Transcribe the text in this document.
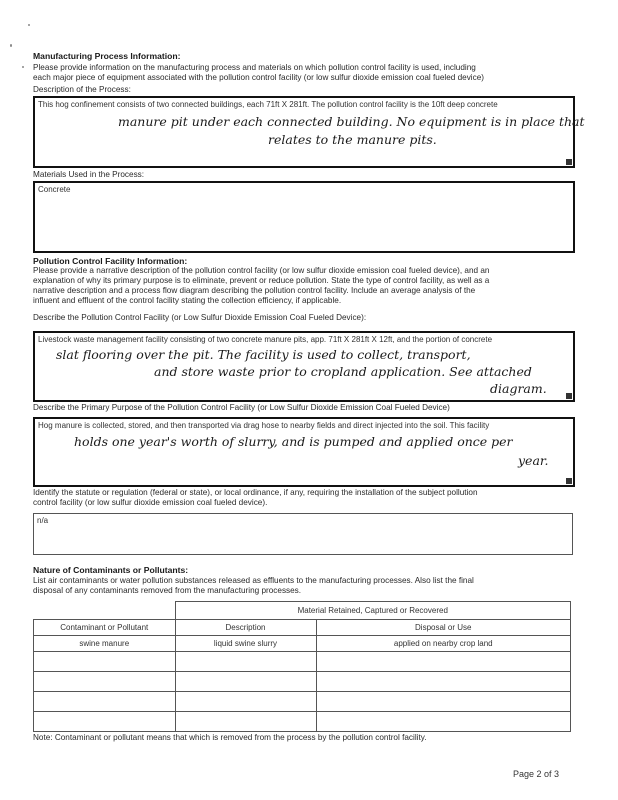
Manufacturing Process Information:
Please provide information on the manufacturing process and materials on which pollution control facility is used, including
each major piece of equipment associated with the pollution control facility (or low sulfur dioxide emission coal fueled device)
Description of the Process:
This hog confinement consists of two connected buildings, each 71ft X 281ft. The pollution control facility is the 10ft deep concrete
manure pit under each connected building. No equipment is in place that
relates to the manure pits.
Materials Used in the Process:
Concrete
Pollution Control Facility Information:
Please provide a narrative description of the pollution control facility (or low sulfur dioxide emission coal fueled device), and an
explanation of why its primary purpose is to eliminate, prevent or reduce pollution. State the type of control facility, as well as a
narrative description and a process flow diagram describing the pollution control facility. Include an average analysis of the
influent and effluent of the control facility stating the collection efficiency, if applicable.
Describe the Pollution Control Facility (or Low Sulfur Dioxide Emission Coal Fueled Device):
Livestock waste management facility consisting of two concrete manure pits, app. 71ft X 281ft X 12ft, and the portion of concrete
slat flooring over the pit. The facility is used to collect, transport,
and store waste prior to cropland application. See attached
diagram.
Describe the Primary Purpose of the Pollution Control Facility (or Low Sulfur Dioxide Emission Coal Fueled Device)
Hog manure is collected, stored, and then transported via drag hose to nearby fields and direct injected into the soil. This facility
holds one year's worth of slurry, and is pumped and applied once per
year.
Identify the statute or regulation (federal or state), or local ordinance, if any, requiring the installation of the subject pollution
control facility (or low sulfur dioxide emission coal fueled device).
n/a
Nature of Contaminants or Pollutants:
List air contaminants or water pollution substances released as effluents to the manufacturing processes. Also list the final
disposal of any contaminants removed from the manufacturing processes.
	Material Retained, Captured or Recovered	
Contaminant or Pollutant	Description	Disposal or Use
swine manure	liquid swine slurry	applied on nearby crop land

Note: Contaminant or pollutant means that which is removed from the process by the pollution control facility.
Page 2 of 3
